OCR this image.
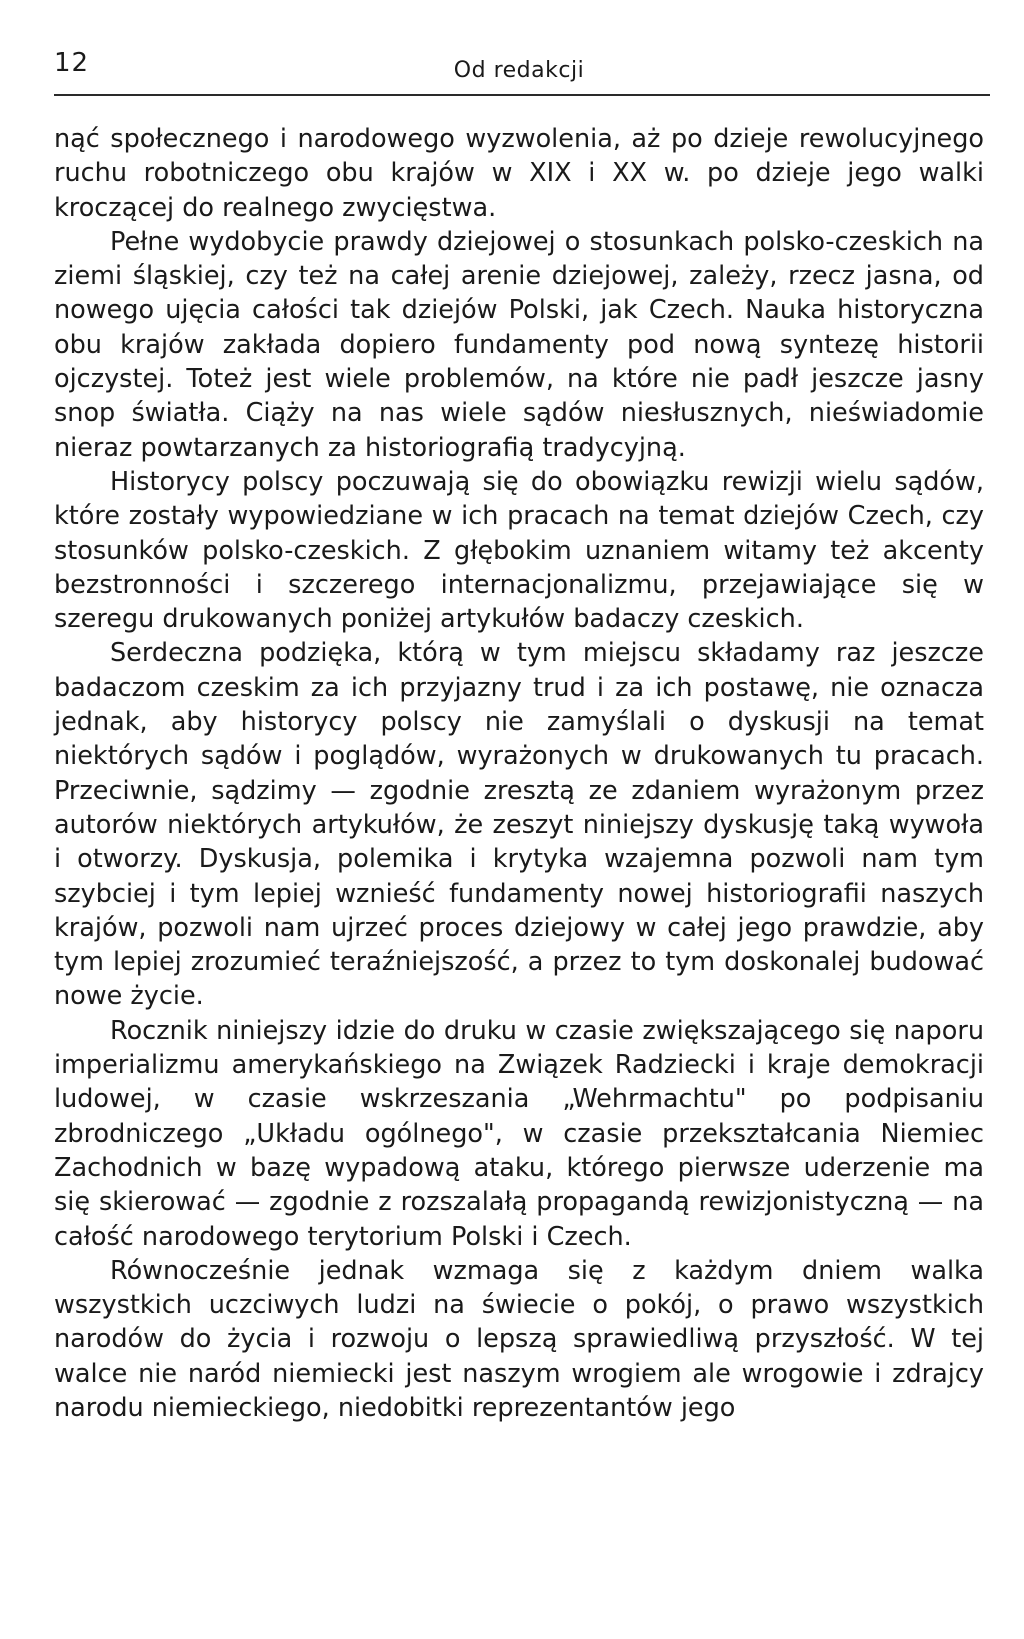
12	Od redakcji

nąć społecznego i narodowego wyzwolenia, aż po dzieje rewolucyjnego ruchu robotniczego obu krajów w XIX i XX w. po dzieje jego walki kroczącej do realnego zwycięstwa.

Pełne wydobycie prawdy dziejowej o stosunkach polsko-czeskich na ziemi śląskiej, czy też na całej arenie dziejowej, zależy, rzecz jasna, od nowego ujęcia całości tak dziejów Polski, jak Czech. Nauka historyczna obu krajów zakłada dopiero fundamenty pod nową syntezę historii ojczystej. Toteż jest wiele problemów, na które nie padł jeszcze jasny snop światła. Ciąży na nas wiele sądów niesłusznych, nieświadomie nieraz powtarzanych za historiografią tradycyjną.

Historycy polscy poczuwają się do obowiązku rewizji wielu sądów, które zostały wypowiedziane w ich pracach na temat dziejów Czech, czy stosunków polsko-czeskich. Z głębokim uznaniem witamy też akcenty bezstronności i szczerego internacjonalizmu, przejawiające się w szeregu drukowanych poniżej artykułów badaczy czeskich.

Serdeczna podzięka, którą w tym miejscu składamy raz jeszcze badaczom czeskim za ich przyjazny trud i za ich postawę, nie oznacza jednak, aby historycy polscy nie zamyślali o dyskusji na temat niektórych sądów i poglądów, wyrażonych w drukowanych tu pracach. Przeciwnie, sądzimy — zgodnie zresztą ze zdaniem wyrażonym przez autorów niektórych artykułów, że zeszyt niniejszy dyskusję taką wywoła i otworzy. Dyskusja, polemika i krytyka wzajemna pozwoli nam tym szybciej i tym lepiej wznieść fundamenty nowej historiografii naszych krajów, pozwoli nam ujrzeć proces dziejowy w całej jego prawdzie, aby tym lepiej zrozumieć teraźniejszość, a przez to tym doskonalej budować nowe życie.

Rocznik niniejszy idzie do druku w czasie zwiększającego się naporu imperializmu amerykańskiego na Związek Radziecki i kraje demokracji ludowej, w czasie wskrzeszania „Wehrmachtu" po podpisaniu zbrodniczego „Układu ogólnego", w czasie przekształcania Niemiec Zachodnich w bazę wypadową ataku, którego pierwsze uderzenie ma się skierować — zgodnie z rozszalałą propagandą rewizjonistyczną — na całość narodowego terytorium Polski i Czech.

Równocześnie jednak wzmaga się z każdym dniem walka wszystkich uczciwych ludzi na świecie o pokój, o prawo wszystkich narodów do życia i rozwoju o lepszą sprawiedliwą przyszłość. W tej walce nie naród niemiecki jest naszym wrogiem ale wrogowie i zdrajcy narodu niemieckiego, niedobitki reprezentantów jego
